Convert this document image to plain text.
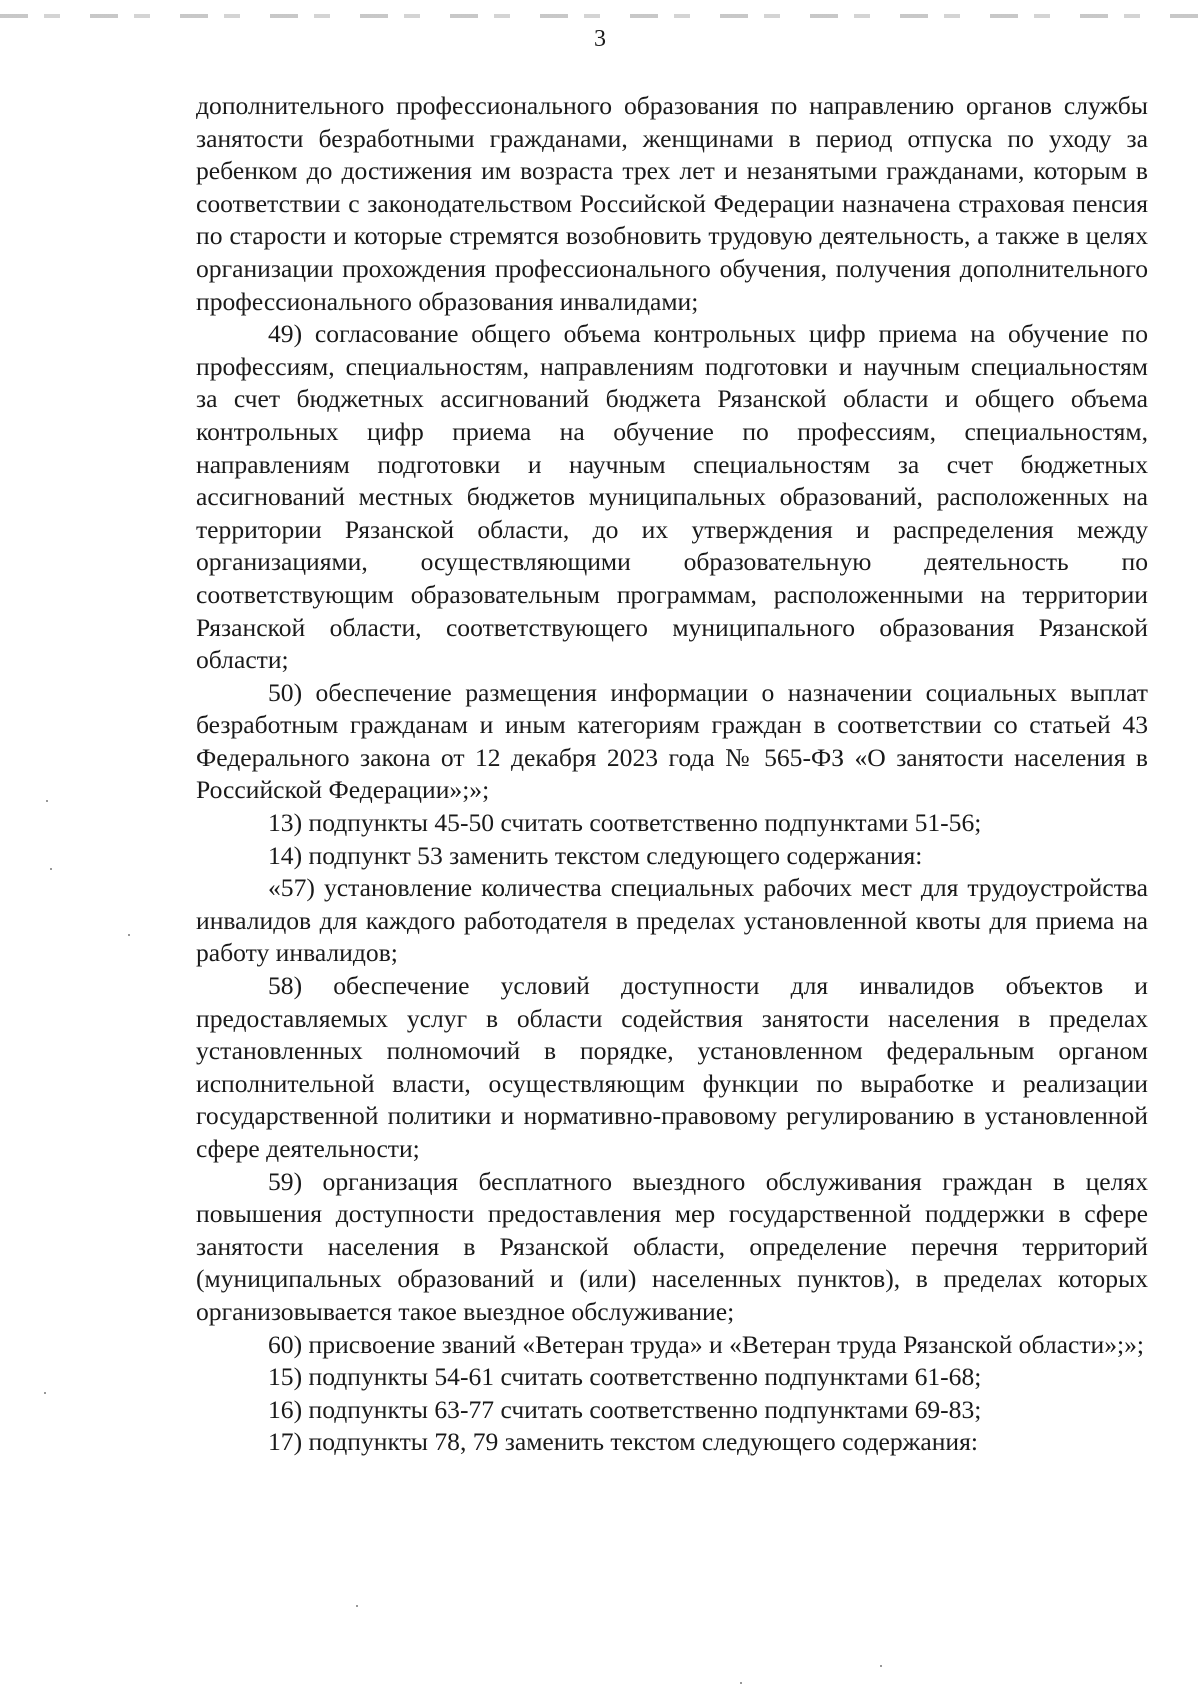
3

дополнительного профессионального образования по направлению органов службы занятости безработными гражданами, женщинами в период отпуска по уходу за ребенком до достижения им возраста трех лет и незанятыми гражданами, которым в соответствии с законодательством Российской Федерации назначена страховая пенсия по старости и которые стремятся возобновить трудовую деятельность, а также в целях организации прохождения профессионального обучения, получения дополнительного профессионального образования инвалидами;

49) согласование общего объема контрольных цифр приема на обучение по профессиям, специальностям, направлениям подготовки и научным специальностям за счет бюджетных ассигнований бюджета Рязанской области и общего объема контрольных цифр приема на обучение по профессиям, специальностям, направлениям подготовки и научным специальностям за счет бюджетных ассигнований местных бюджетов муниципальных образований, расположенных на территории Рязанской области, до их утверждения и распределения между организациями, осуществляющими образовательную деятельность по соответствующим образовательным программам, расположенными на территории Рязанской области, соответствующего муниципального образования Рязанской области;

50) обеспечение размещения информации о назначении социальных выплат безработным гражданам и иным категориям граждан в соответствии со статьей 43 Федерального закона от 12 декабря 2023 года № 565-ФЗ «О занятости населения в Российской Федерации»;»;

13) подпункты 45-50 считать соответственно подпунктами 51-56;

14) подпункт 53 заменить текстом следующего содержания:

«57) установление количества специальных рабочих мест для трудоустройства инвалидов для каждого работодателя в пределах установленной квоты для приема на работу инвалидов;

58) обеспечение условий доступности для инвалидов объектов и предоставляемых услуг в области содействия занятости населения в пределах установленных полномочий в порядке, установленном федеральным органом исполнительной власти, осуществляющим функции по выработке и реализации государственной политики и нормативно-правовому регулированию в установленной сфере деятельности;

59) организация бесплатного выездного обслуживания граждан в целях повышения доступности предоставления мер государственной поддержки в сфере занятости населения в Рязанской области, определение перечня территорий (муниципальных образований и (или) населенных пунктов), в пределах которых организовывается такое выездное обслуживание;

60) присвоение званий «Ветеран труда» и «Ветеран труда Рязанской области»;»;

15) подпункты 54-61 считать соответственно подпунктами 61-68;

16) подпункты 63-77 считать соответственно подпунктами 69-83;

17) подпункты 78, 79 заменить текстом следующего содержания:
